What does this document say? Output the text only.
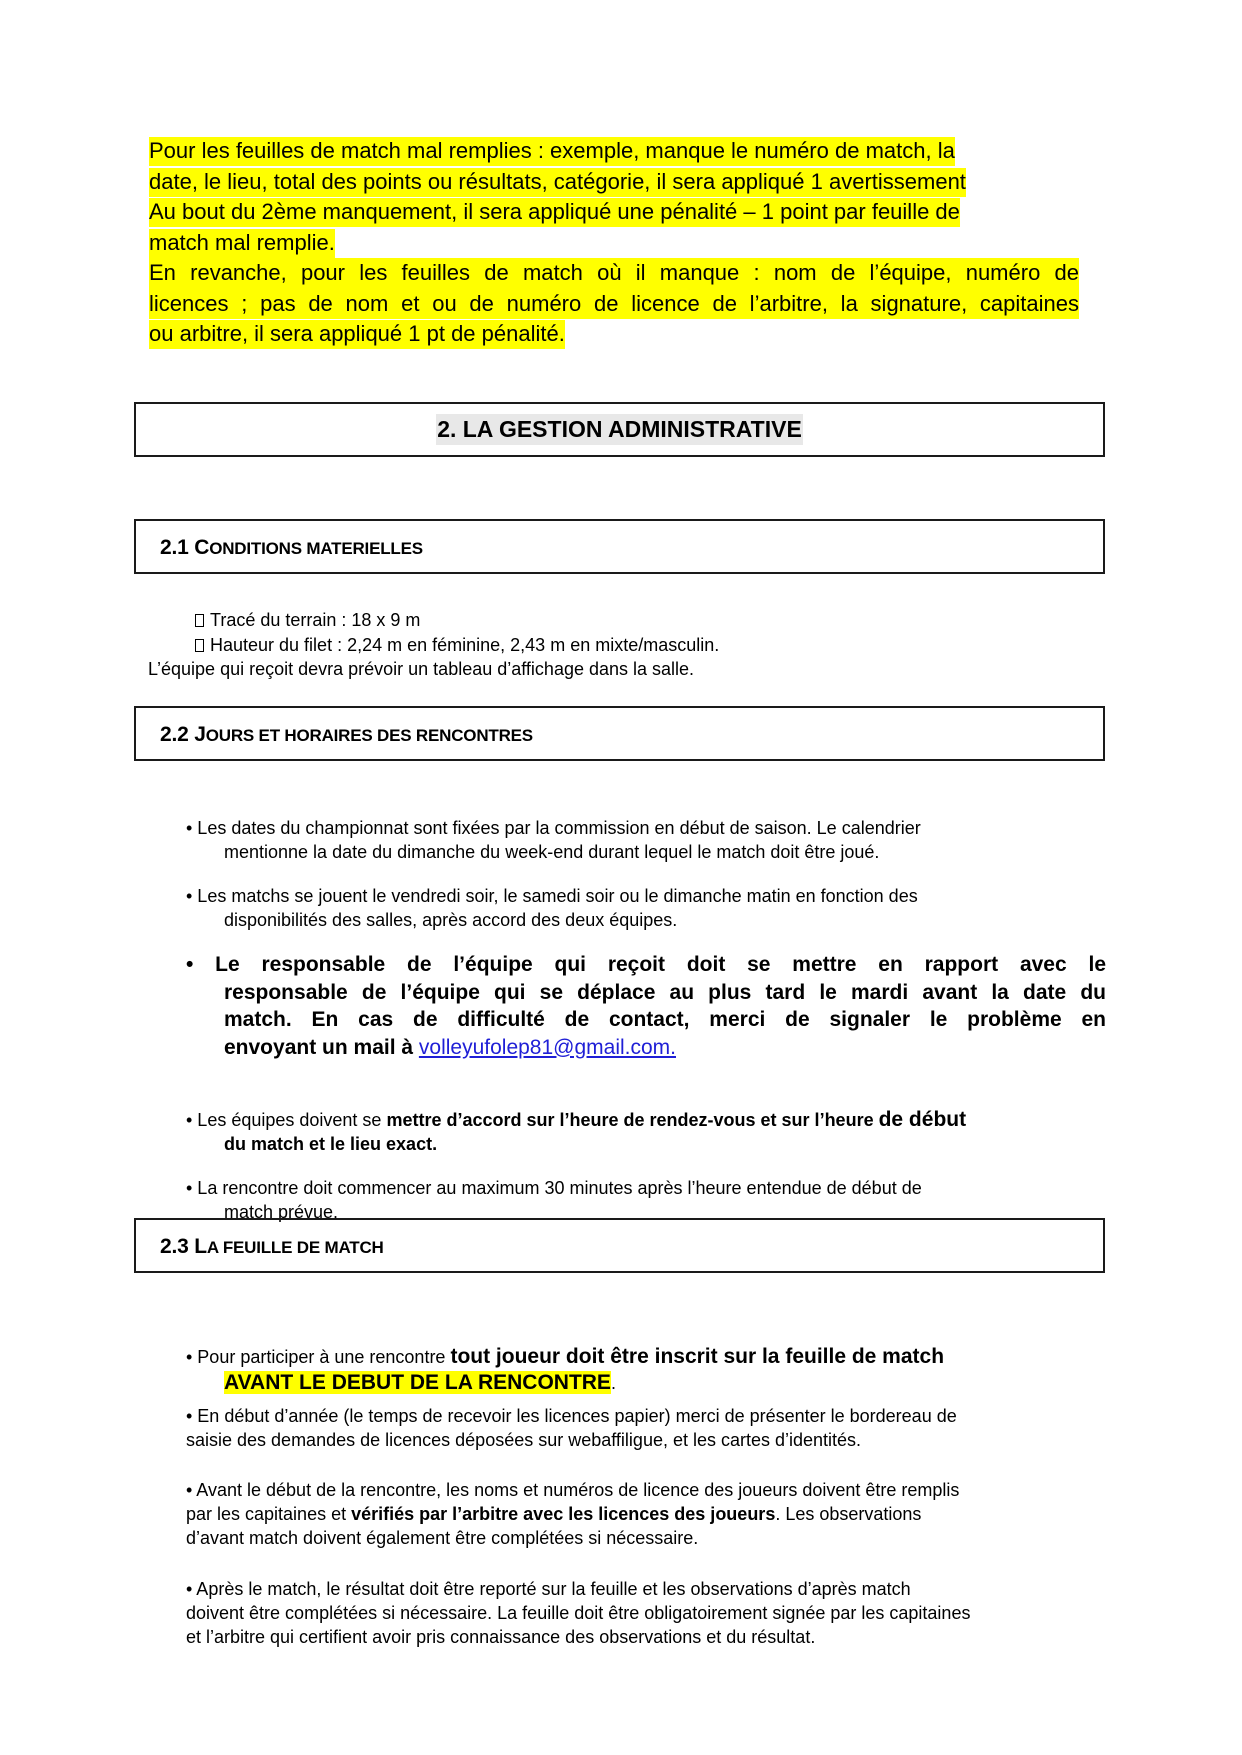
Pour les feuilles de match mal remplies : exemple, manque le numéro de match, la
date, le lieu, total des points ou résultats, catégorie, il sera appliqué 1 avertissement
Au bout du 2ème manquement, il sera appliqué une pénalité – 1 point par feuille de
match mal remplie.
En revanche, pour les feuilles de match où il manque : nom de l’équipe, numéro de
licences ; pas de nom et ou de numéro de licence de l’arbitre, la signature, capitaines
ou arbitre, il sera appliqué 1 pt de pénalité.
2. LA GESTION ADMINISTRATIVE
2.1 CONDITIONS MATERIELLES
Tracé du terrain : 18 x 9 m
Hauteur du filet : 2,24 m en féminine, 2,43 m en mixte/masculin.
L’équipe qui reçoit devra prévoir un tableau d’affichage dans la salle.
2.2 JOURS ET HORAIRES DES RENCONTRES
• Les dates du championnat sont fixées par la commission en début de saison. Le calendrier
mentionne la date du dimanche du week-end durant lequel le match doit être joué.
• Les matchs se jouent le vendredi soir, le samedi soir ou le dimanche matin en fonction des
disponibilités des salles, après accord des deux équipes.
• Le responsable de l’équipe qui reçoit doit se mettre en rapport avec le
responsable de l’équipe qui se déplace au plus tard le mardi avant la date du
match. En cas de difficulté de contact, merci de signaler le problème en
envoyant un mail à volleyufolep81@gmail.com.
• Les équipes doivent se mettre d’accord sur l’heure de rendez-vous et sur l’heure de début
du match et le lieu exact.
• La rencontre doit commencer au maximum 30 minutes après l’heure entendue de début de
match prévue.
2.3 LA FEUILLE DE MATCH
• Pour participer à une rencontre tout joueur doit être inscrit sur la feuille de match
AVANT LE DEBUT DE LA RENCONTRE.
• En début d’année (le temps de recevoir les licences papier) merci de présenter le bordereau de
saisie des demandes de licences déposées sur webaffiligue, et les cartes d’identités.
• Avant le début de la rencontre, les noms et numéros de licence des joueurs doivent être remplis
par les capitaines et vérifiés par l’arbitre avec les licences des joueurs. Les observations
d’avant match doivent également être complétées si nécessaire.
• Après le match, le résultat doit être reporté sur la feuille et les observations d’après match
doivent être complétées si nécessaire. La feuille doit être obligatoirement signée par les capitaines
et l’arbitre qui certifient avoir pris connaissance des observations et du résultat.
